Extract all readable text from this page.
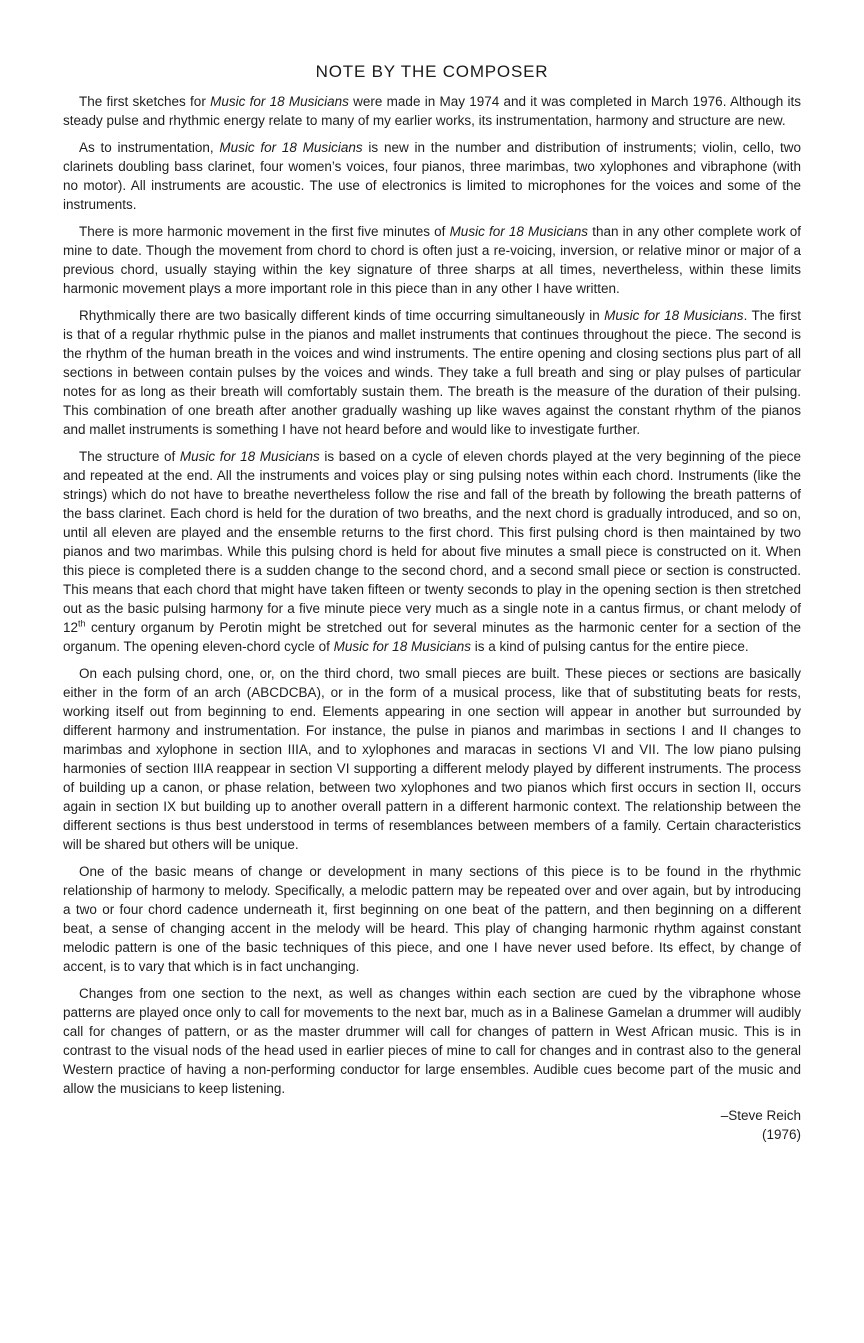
NOTE BY THE COMPOSER

The first sketches for Music for 18 Musicians were made in May 1974 and it was completed in March 1976. Although its steady pulse and rhythmic energy relate to many of my earlier works, its instrumentation, harmony and structure are new.

As to instrumentation, Music for 18 Musicians is new in the number and distribution of instruments; violin, cello, two clarinets doubling bass clarinet, four women’s voices, four pianos, three marimbas, two xylophones and vibraphone (with no motor). All instruments are acoustic. The use of electronics is limited to microphones for the voices and some of the instruments.

There is more harmonic movement in the first five minutes of Music for 18 Musicians than in any other complete work of mine to date. Though the movement from chord to chord is often just a re-voicing, inversion, or relative minor or major of a previous chord, usually staying within the key signature of three sharps at all times, nevertheless, within these limits harmonic movement plays a more important role in this piece than in any other I have written.

Rhythmically there are two basically different kinds of time occurring simultaneously in Music for 18 Musicians. The first is that of a regular rhythmic pulse in the pianos and mallet instruments that continues throughout the piece. The second is the rhythm of the human breath in the voices and wind instruments. The entire opening and closing sections plus part of all sections in between contain pulses by the voices and winds. They take a full breath and sing or play pulses of particular notes for as long as their breath will comfortably sustain them. The breath is the measure of the duration of their pulsing. This combination of one breath after another gradually washing up like waves against the constant rhythm of the pianos and mallet instruments is something I have not heard before and would like to investigate further.

The structure of Music for 18 Musicians is based on a cycle of eleven chords played at the very beginning of the piece and repeated at the end. All the instruments and voices play or sing pulsing notes within each chord. Instruments (like the strings) which do not have to breathe nevertheless follow the rise and fall of the breath by following the breath patterns of the bass clarinet. Each chord is held for the duration of two breaths, and the next chord is gradually introduced, and so on, until all eleven are played and the ensemble returns to the first chord. This first pulsing chord is then maintained by two pianos and two marimbas. While this pulsing chord is held for about five minutes a small piece is constructed on it. When this piece is completed there is a sudden change to the second chord, and a second small piece or section is constructed. This means that each chord that might have taken fifteen or twenty seconds to play in the opening section is then stretched out as the basic pulsing harmony for a five minute piece very much as a single note in a cantus firmus, or chant melody of 12th century organum by Perotin might be stretched out for several minutes as the harmonic center for a section of the organum. The opening eleven-chord cycle of Music for 18 Musicians is a kind of pulsing cantus for the entire piece.

On each pulsing chord, one, or, on the third chord, two small pieces are built. These pieces or sections are basically either in the form of an arch (ABCDCBA), or in the form of a musical process, like that of substituting beats for rests, working itself out from beginning to end. Elements appearing in one section will appear in another but surrounded by different harmony and instrumentation. For instance, the pulse in pianos and marimbas in sections I and II changes to marimbas and xylophone in section IIIA, and to xylophones and maracas in sections VI and VII. The low piano pulsing harmonies of section IIIA reappear in section VI supporting a different melody played by different instruments. The process of building up a canon, or phase relation, between two xylophones and two pianos which first occurs in section II, occurs again in section IX but building up to another overall pattern in a different harmonic context. The relationship between the different sections is thus best understood in terms of resemblances between members of a family. Certain characteristics will be shared but others will be unique.

One of the basic means of change or development in many sections of this piece is to be found in the rhythmic relationship of harmony to melody. Specifically, a melodic pattern may be repeated over and over again, but by introducing a two or four chord cadence underneath it, first beginning on one beat of the pattern, and then beginning on a different beat, a sense of changing accent in the melody will be heard. This play of changing harmonic rhythm against constant melodic pattern is one of the basic techniques of this piece, and one I have never used before. Its effect, by change of accent, is to vary that which is in fact unchanging.

Changes from one section to the next, as well as changes within each section are cued by the vibraphone whose patterns are played once only to call for movements to the next bar, much as in a Balinese Gamelan a drummer will audibly call for changes of pattern, or as the master drummer will call for changes of pattern in West African music. This is in contrast to the visual nods of the head used in earlier pieces of mine to call for changes and in contrast also to the general Western practice of having a non-performing conductor for large ensembles. Audible cues become part of the music and allow the musicians to keep listening.

–Steve Reich
(1976)
